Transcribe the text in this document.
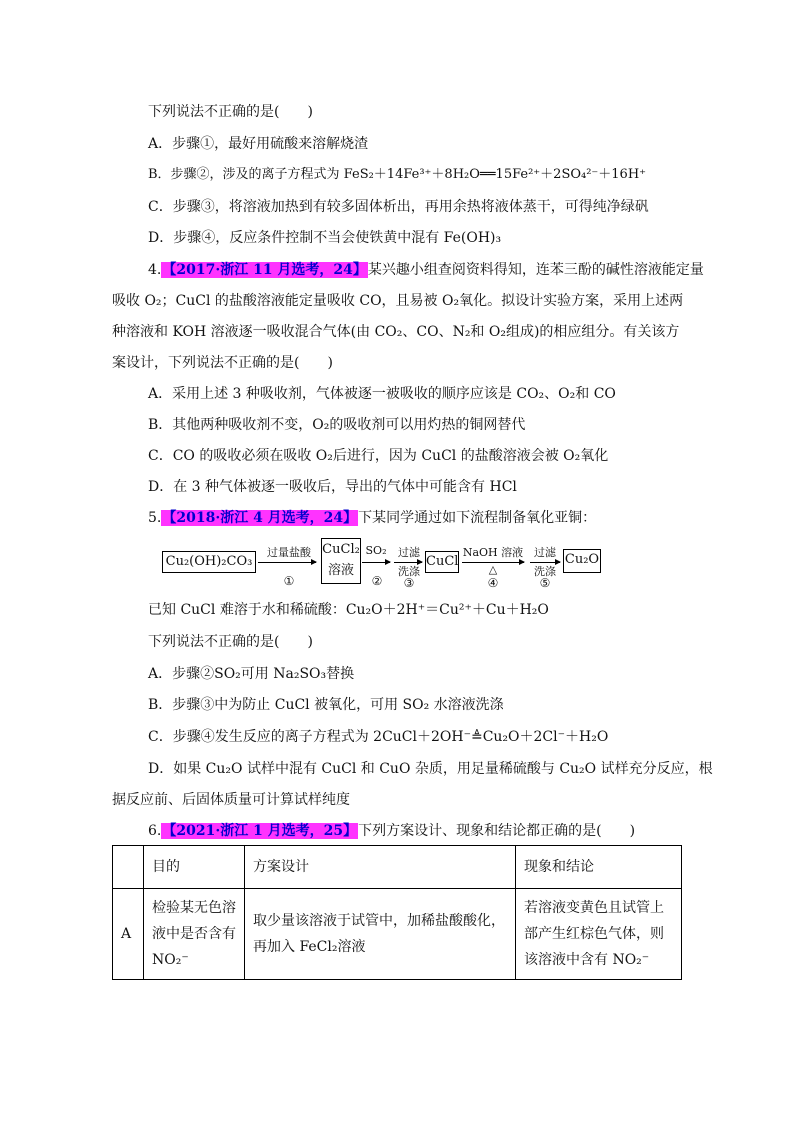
下列说法不正确的是(　　)
A．步骤①，最好用硫酸来溶解烧渣
B．步骤②，涉及的离子方程式为 FeS₂＋14Fe³⁺＋8H₂O══15Fe²⁺＋2SO₄²⁻＋16H⁺
C．步骤③，将溶液加热到有较多固体析出，再用余热将液体蒸干，可得纯净绿矾
D．步骤④，反应条件控制不当会使铁黄中混有 Fe(OH)₃
4.【2017·浙江 11 月选考，24】某兴趣小组查阅资料得知，连苯三酚的碱性溶液能定量
吸收 O₂；CuCl 的盐酸溶液能定量吸收 CO，且易被 O₂氧化。拟设计实验方案，采用上述两
种溶液和 KOH 溶液逐一吸收混合气体(由 CO₂、CO、N₂和 O₂组成)的相应组分。有关该方
案设计，下列说法不正确的是(　　)
A．采用上述 3 种吸收剂，气体被逐一被吸收的顺序应该是 CO₂、O₂和 CO
B．其他两种吸收剂不变，O₂的吸收剂可以用灼热的铜网替代
C．CO 的吸收必须在吸收 O₂后进行，因为 CuCl 的盐酸溶液会被 O₂氧化
D．在 3 种气体被逐一吸收后，导出的气体中可能含有 HCl
5.【2018·浙江 4 月选考，24】下某同学通过如下流程制备氧化亚铜：
Cu₂(OH)₂CO₃
过量盐酸
①
CuCl₂
溶液
SO₂
②
过滤
洗涤
③
CuCl
NaOH 溶液
△
④
过滤
洗涤
⑤
Cu₂O
已知 CuCl 难溶于水和稀硫酸：Cu₂O＋2H⁺＝Cu²⁺＋Cu＋H₂O
下列说法不正确的是(　　)
A．步骤②SO₂可用 Na₂SO₃替换
B．步骤③中为防止 CuCl 被氧化，可用 SO₂ 水溶液洗涤
C．步骤④发生反应的离子方程式为 2CuCl＋2OH⁻≜Cu₂O＋2Cl⁻＋H₂O
D．如果 Cu₂O 试样中混有 CuCl 和 CuO 杂质，用足量稀硫酸与 Cu₂O 试样充分反应，根
据反应前、后固体质量可计算试样纯度
6.【2021·浙江 1 月选考，25】下列方案设计、现象和结论都正确的是(　　)
	目的	方案设计	现象和结论
A	检验某无色溶液中是否含有 NO₂⁻	取少量该溶液于试管中，加稀盐酸酸化，再加入 FeCl₂溶液	若溶液变黄色且试管上部产生红棕色气体，则该溶液中含有 NO₂⁻
